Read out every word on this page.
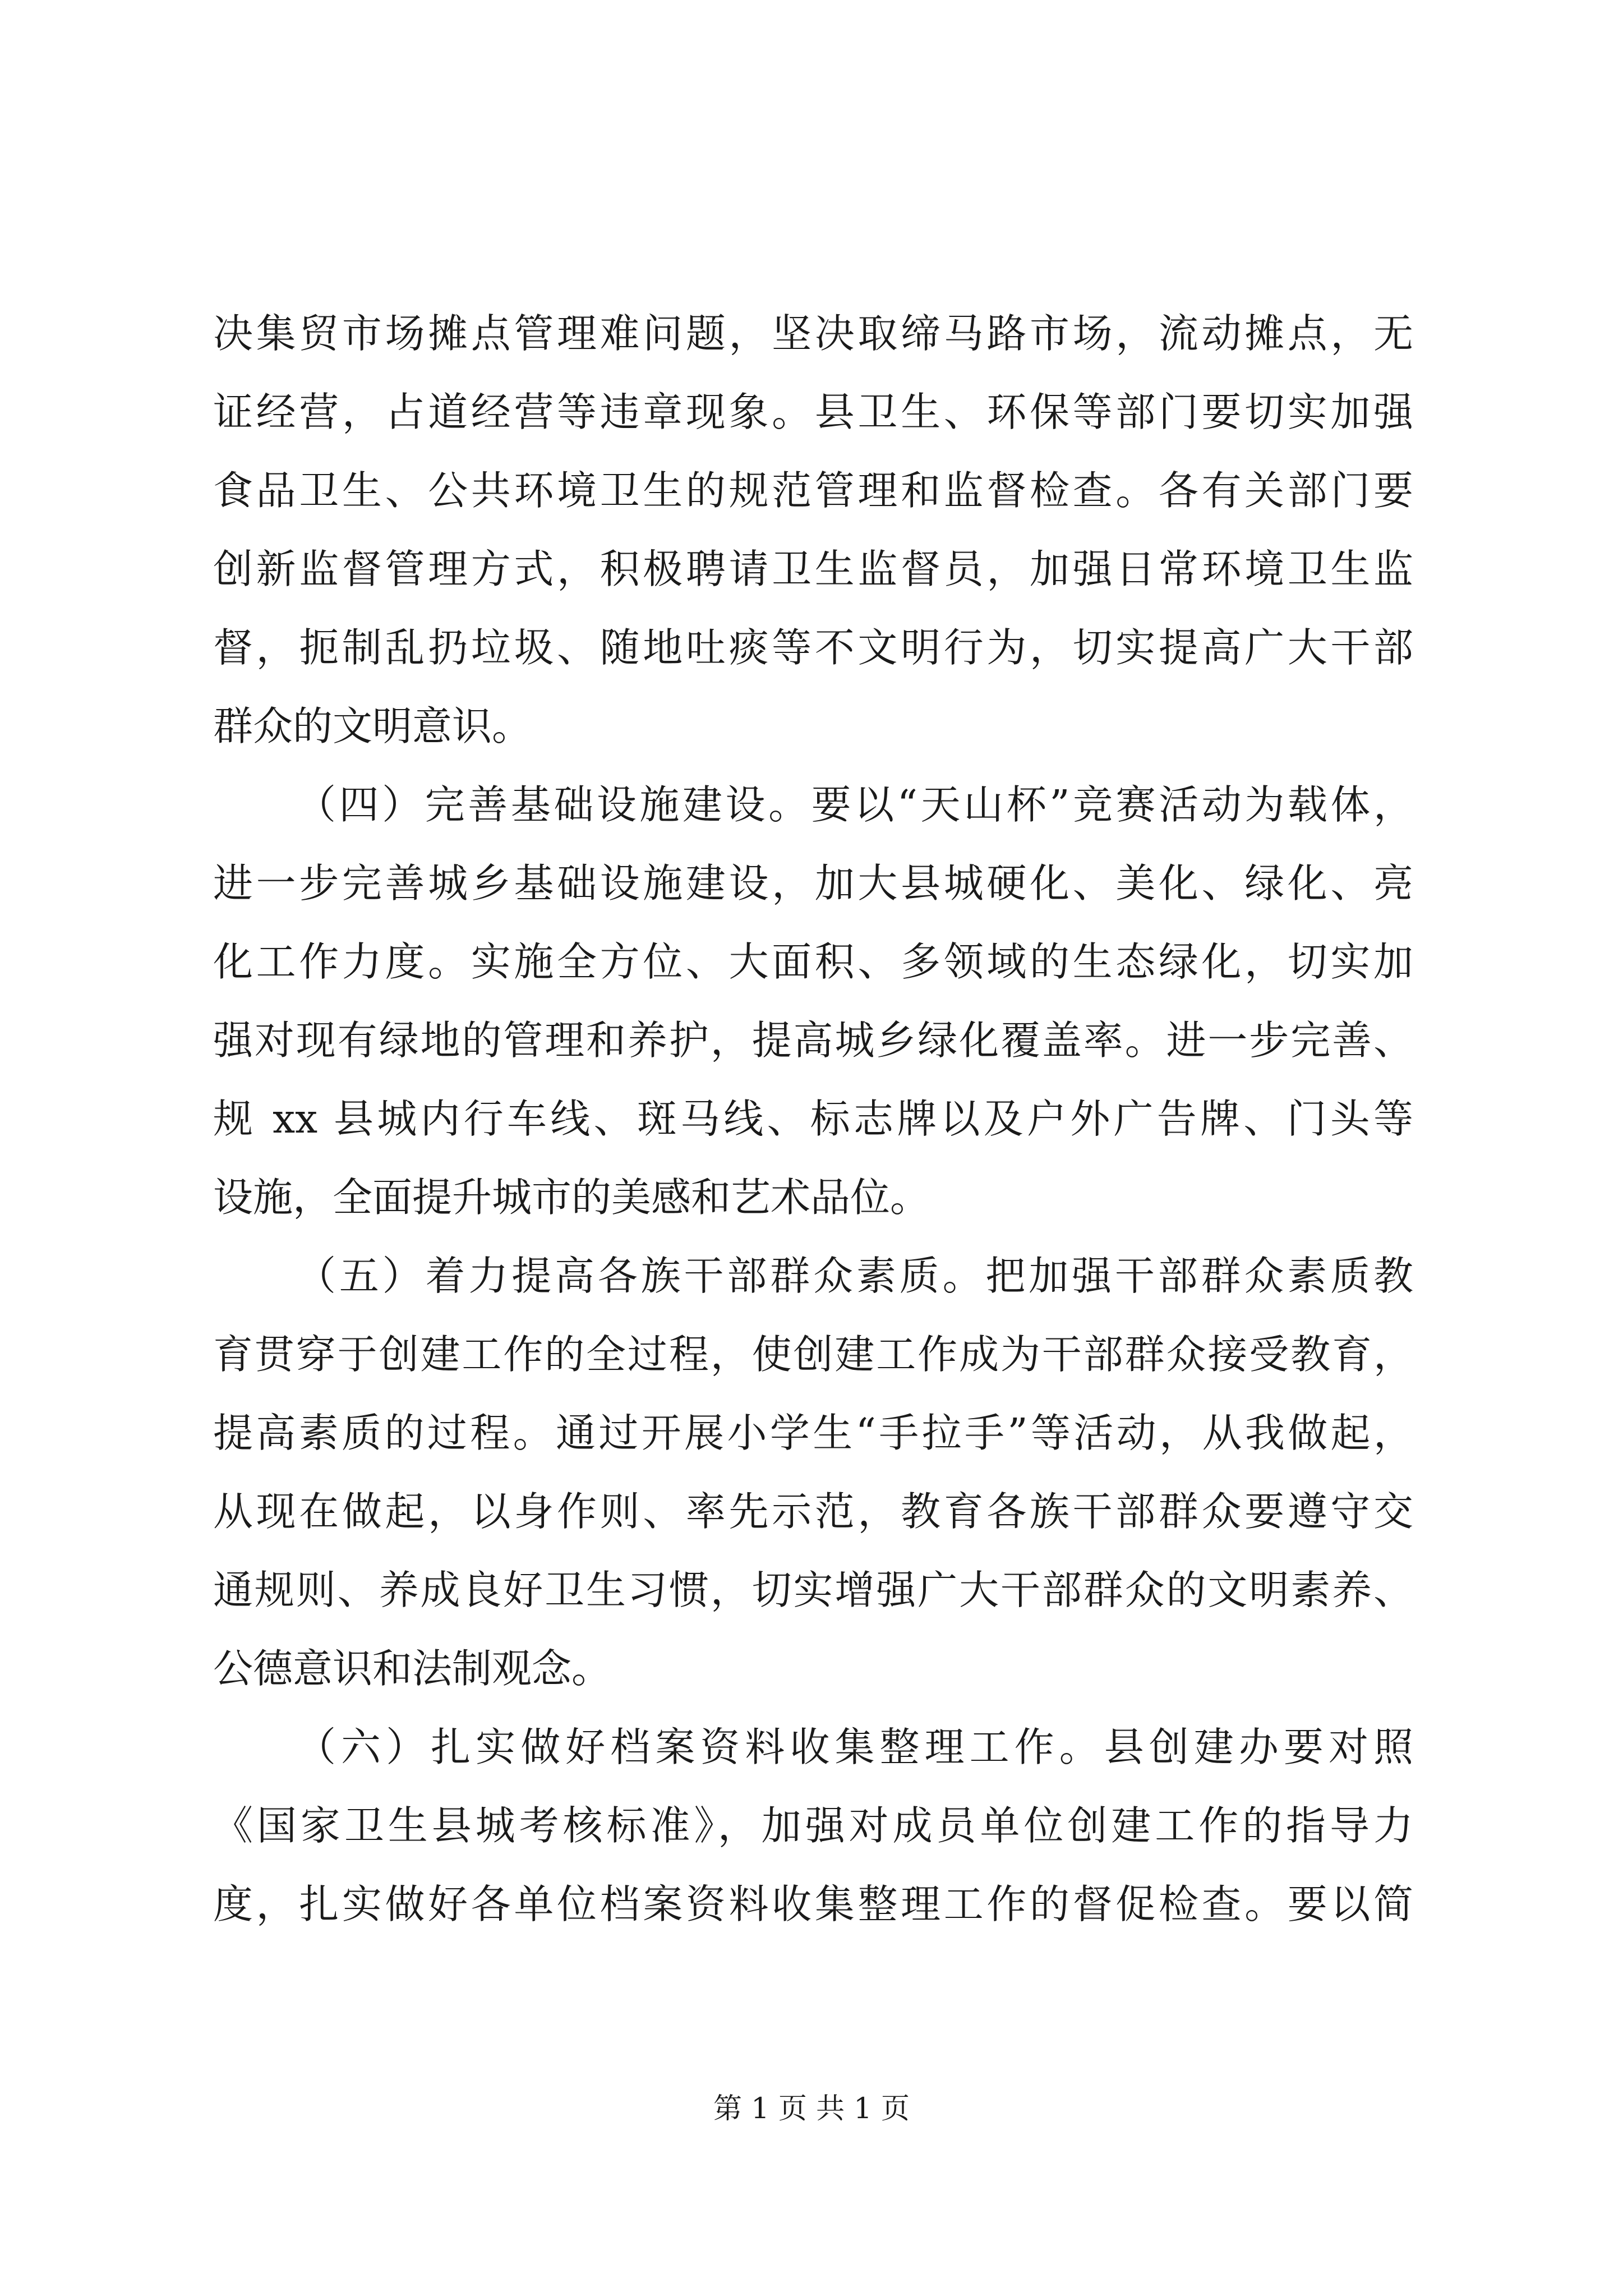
决集贸市场摊点管理难问题，坚决取缔马路市场，流动摊点，无
证经营，占道经营等违章现象。县卫生、环保等部门要切实加强
食品卫生、公共环境卫生的规范管理和监督检查。各有关部门要
创新监督管理方式，积极聘请卫生监督员，加强日常环境卫生监
督，扼制乱扔垃圾、随地吐痰等不文明行为，切实提高广大干部
群众的文明意识。
（四）完善基础设施建设。要以“天山杯”竞赛活动为载体，
进一步完善城乡基础设施建设，加大县城硬化、美化、绿化、亮
化工作力度。实施全方位、大面积、多领域的生态绿化，切实加
强对现有绿地的管理和养护，提高城乡绿化覆盖率。进一步完善、
规 xx 县城内行车线、斑马线、标志牌以及户外广告牌、门头等
设施，全面提升城市的美感和艺术品位。
（五）着力提高各族干部群众素质。把加强干部群众素质教
育贯穿于创建工作的全过程，使创建工作成为干部群众接受教育，
提高素质的过程。通过开展小学生“手拉手”等活动，从我做起，
从现在做起，以身作则、率先示范，教育各族干部群众要遵守交
通规则、养成良好卫生习惯，切实增强广大干部群众的文明素养、
公德意识和法制观念。
（六）扎实做好档案资料收集整理工作。县创建办要对照
《国家卫生县城考核标准》，加强对成员单位创建工作的指导力
度，扎实做好各单位档案资料收集整理工作的督促检查。要以简
第 1 页 共 1 页
